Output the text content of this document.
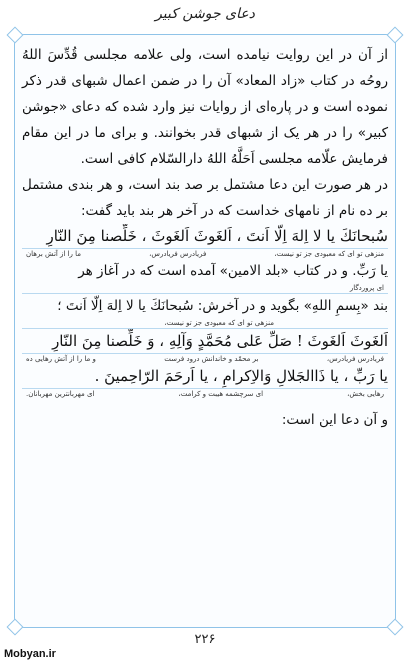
دعای جوشن کبیر

از آن در این روایت نیامده است، ولی علامه مجلسی قُدِّسَ اللهُ روحُه در کتاب «زاد المعاد» آن را در ضمن اعمال شبهای قدر ذکر نموده است و در پاره‌ای از روایات نیز وارد شده که دعای «جوشن کبیر» را در هر یک از شبهای قدر بخوانند. و برای ما در این مقام فرمایش علّامه مجلسی اَحَلَّهُ اللهُ دارالسّلام کافی است.

در هر صورت این دعا مشتمل بر صد بند است، و هر بندی مشتمل بر ده نام از نامهای خداست که در آخر هر بند باید گفت:

سُبحانَكَ یا لا اِلهَ اِلّا اَنتَ ، اَلغَوثَ اَلغَوثَ ، خَلِّصنا مِنَ النّارِ
منزهی تو ای که معبودی جز تو نیست،
فریادرس فریادرس،
ما را از آتش برهان
یا رَبِّ. و در کتاب «بلد الامین» آمده است که در آغاز هر
ای پروردگار
بند «بِسمِ اللهِ» بگوید و در آخرش: سُبحانَكَ یا لا اِلهَ اِلّا اَنتَ ؛
منزهی تو ای که معبودی جز تو نیست،
اَلغَوثَ اَلغَوثَ ! صَلِّ عَلی مُحَمَّدٍ وَآلِهِ ، وَ خَلِّصنا مِنَ النّارِ
فریادرس فریادرس،
بر محمّد و خاندانش درود فرست
و ما را از آتش رهایی ده
یا رَبِّ ، یا ذَاالجَلالِ وَالاِکرامِ ، یا اَرحَمَ الرّاحِمینَ .
رهایی بخش،
ای سرچشمه هیبت و کرامت،
ای مهربانترین مهربانان.

و آن دعا این است:

۲۲۶
Mobyan.ir
